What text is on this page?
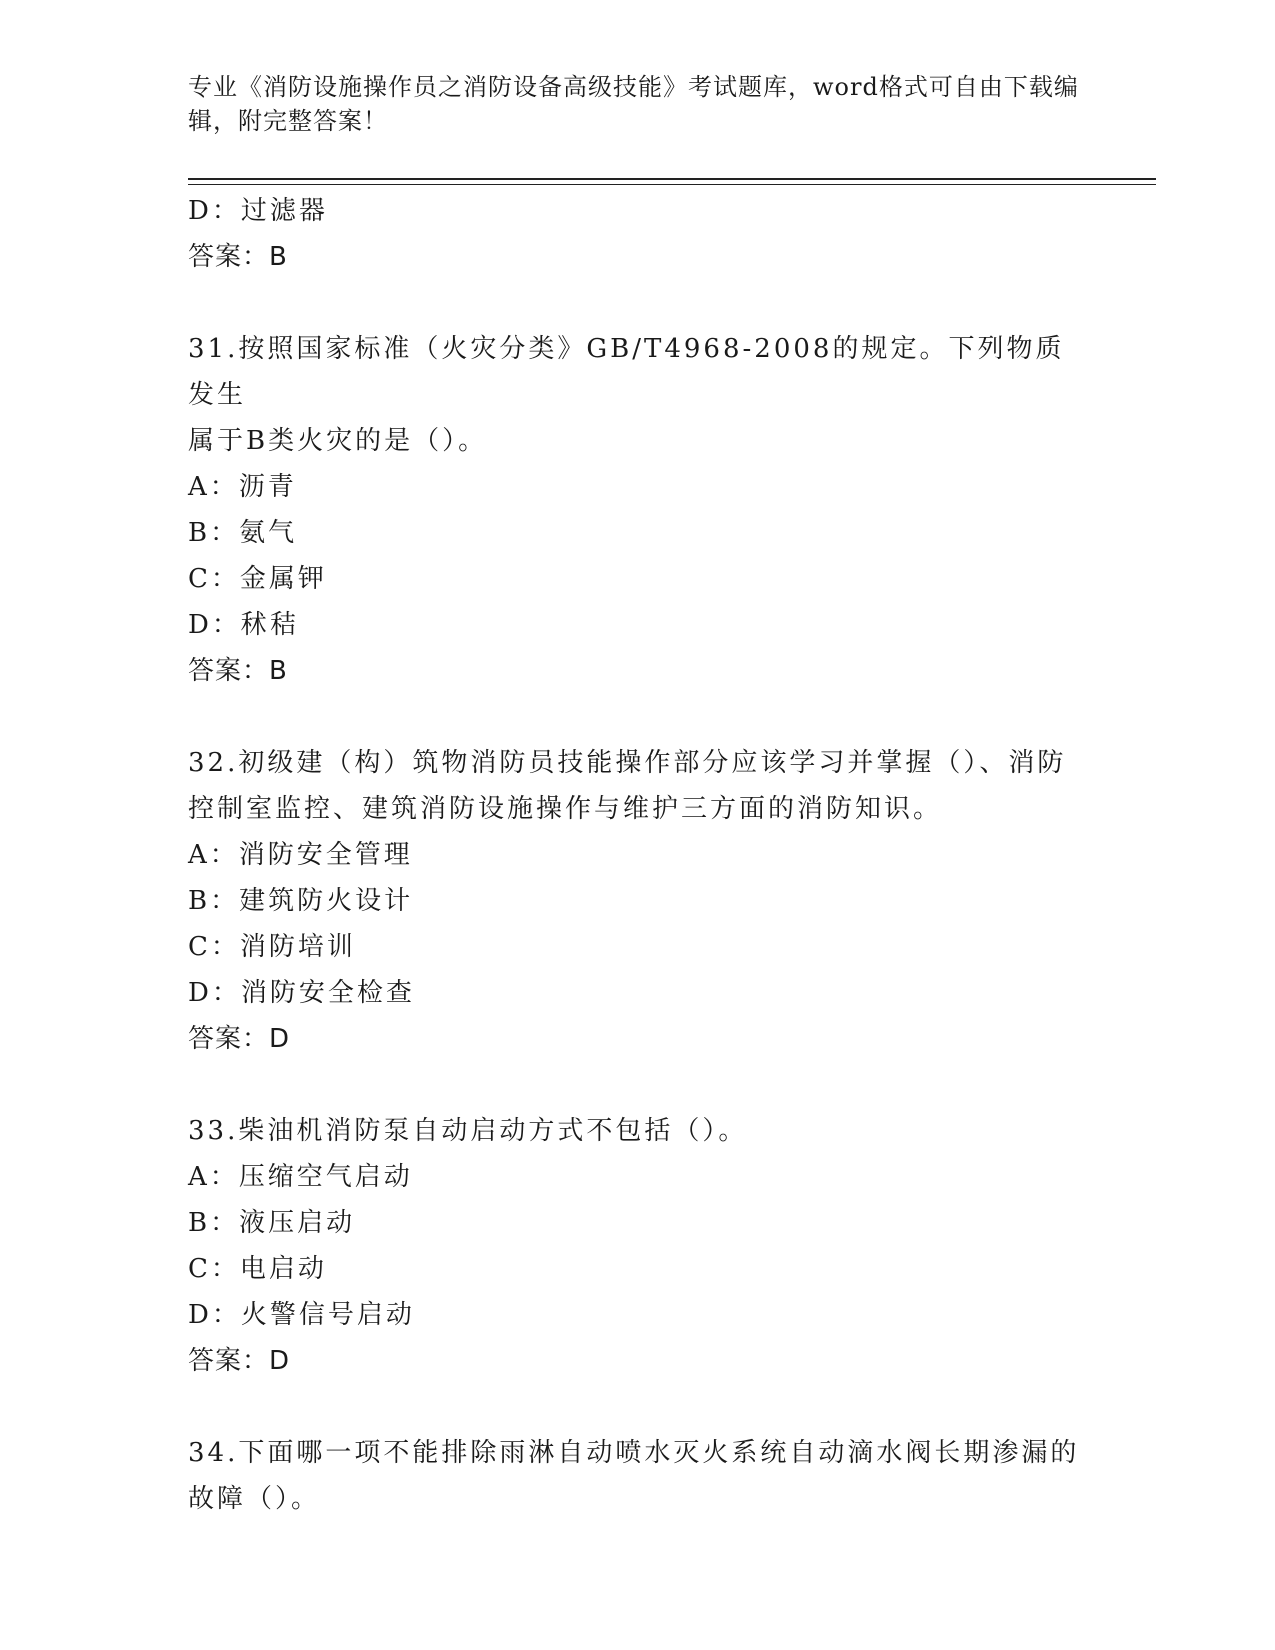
专业《消防设施操作员之消防设备高级技能》考试题库，word格式可自由下载编
辑，附完整答案！
D：过滤器
答案：B
31.按照国家标准（火灾分类》GB/T4968-2008的规定。下列物质发生
属于B类火灾的是（）。
A：沥青
B：氨气
C：金属钾
D：秫秸
答案：B
32.初级建（构）筑物消防员技能操作部分应该学习并掌握（）、消防
控制室监控、建筑消防设施操作与维护三方面的消防知识。
A：消防安全管理
B：建筑防火设计
C：消防培训
D：消防安全检查
答案：D
33.柴油机消防泵自动启动方式不包括（）。
A：压缩空气启动
B：液压启动
C：电启动
D：火警信号启动
答案：D
34.下面哪一项不能排除雨淋自动喷水灭火系统自动滴水阀长期渗漏的
故障（）。
